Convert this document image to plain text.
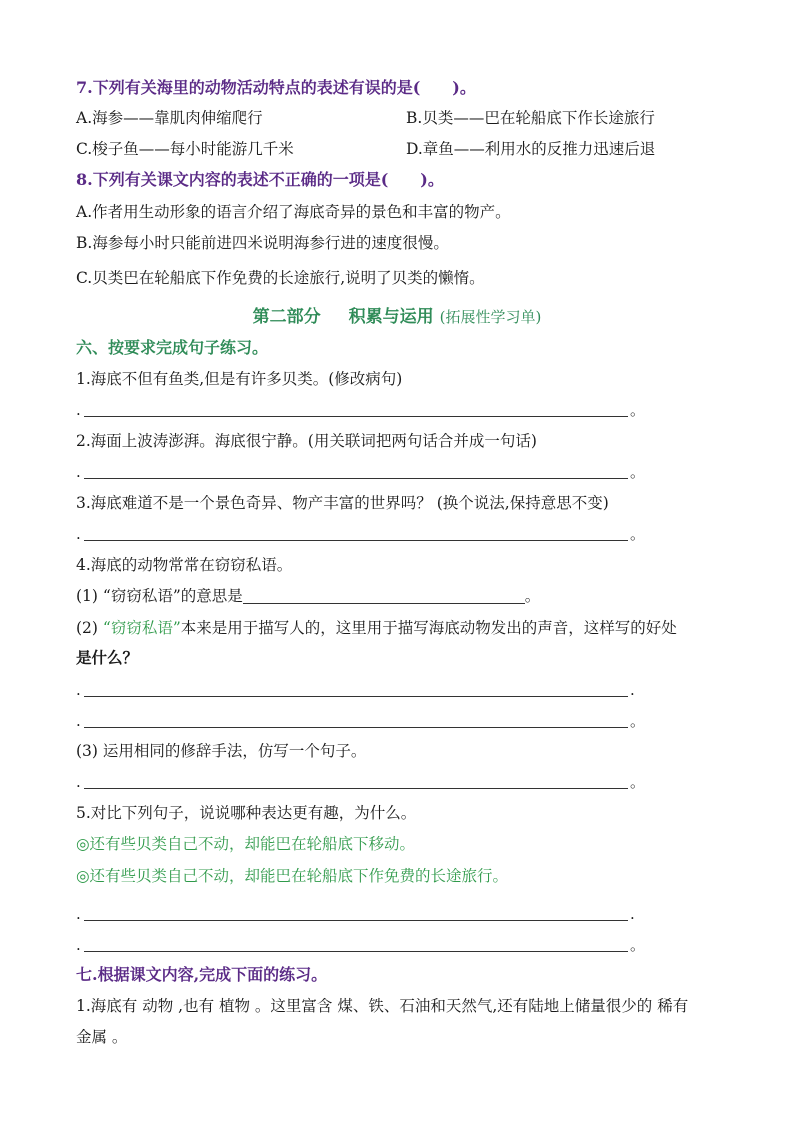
7.下列有关海里的动物活动特点的表述有误的是(　　)。
A.海参——靠肌肉伸缩爬行	B.贝类——巴在轮船底下作长途旅行
C.梭子鱼——每小时能游几千米	D.章鱼——利用水的反推力迅速后退
8.下列有关课文内容的表述不正确的一项是(　　)。
A.作者用生动形象的语言介绍了海底奇异的景色和丰富的物产。
B.海参每小时只能前进四米说明海参行进的速度很慢。
C.贝类巴在轮船底下作免费的长途旅行,说明了贝类的懒惰。
第二部分 积累与运用 (拓展性学习单)
六、按要求完成句子练习。
1.海底不但有鱼类,但是有许多贝类。(修改病句)
.	。
2.海面上波涛澎湃。海底很宁静。(用关联词把两句话合并成一句话)
.	。
3.海底难道不是一个景色奇异、物产丰富的世界吗？ (换个说法,保持意思不变)
.	。
4.海底的动物常常在窃窃私语。
(1) “窃窃私语”的意思是	。
(2) “窃窃私语”本来是用于描写人的，这里用于描写海底动物发出的声音，这样写的好处
是什么？
.	.
.	。
(3) 运用相同的修辞手法，仿写一个句子。
.	。
5.对比下列句子，说说哪种表达更有趣，为什么。
◎还有些贝类自己不动，却能巴在轮船底下移动。
◎还有些贝类自己不动，却能巴在轮船底下作免费的长途旅行。
.	.
.	。
七.根据课文内容,完成下面的练习。
1.海底有 动物 ,也有 植物 。这里富含 煤、铁、石油和天然气,还有陆地上储量很少的 稀有
金属 。
